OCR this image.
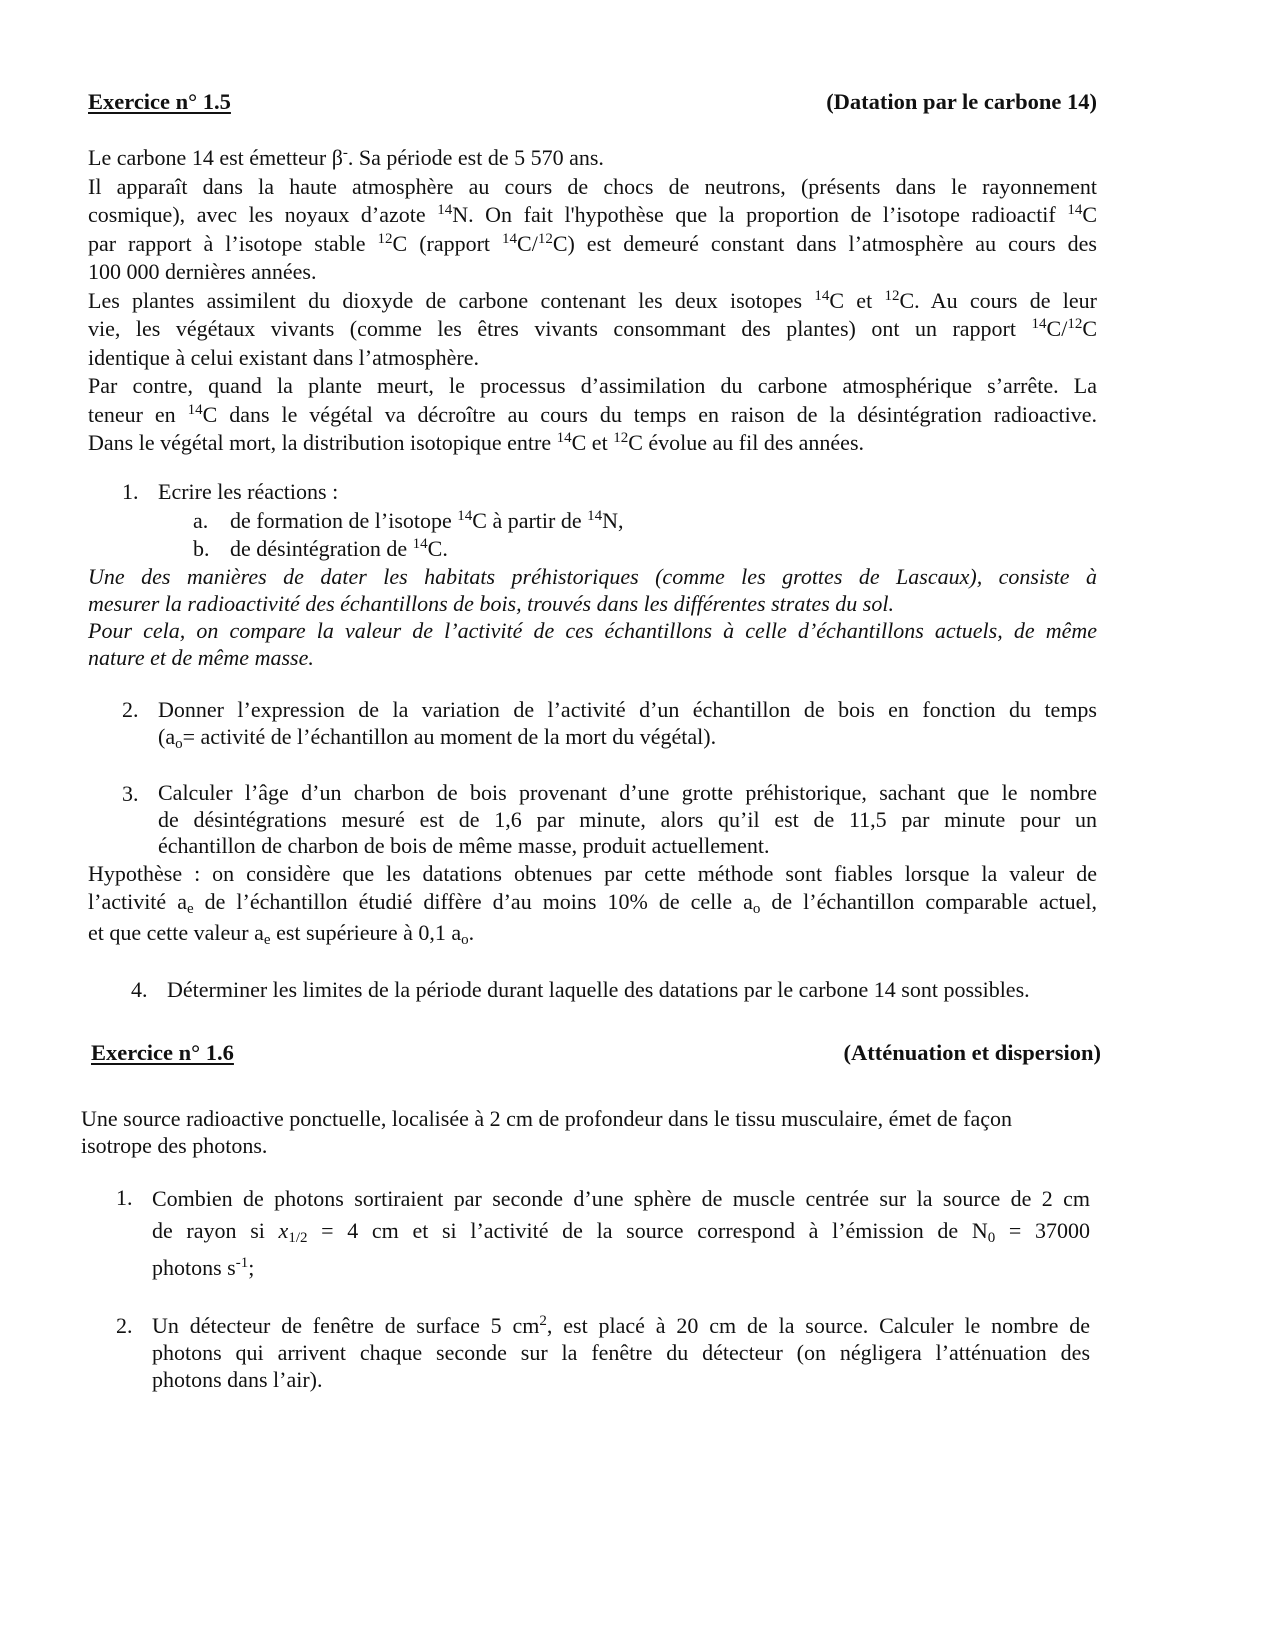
Exercice n° 1.5	(Datation par le carbone 14)
Le carbone 14 est émetteur β-. Sa période est de 5 570 ans.
Il apparaît dans la haute atmosphère au cours de chocs de neutrons, (présents dans le rayonnement
cosmique), avec les noyaux d’azote $^{14}$N. On fait l'hypothèse que la proportion de l’isotope radioactif $^{14}$C
par rapport à l’isotope stable $^{12}$C (rapport $^{14}$C/$^{12}$C) est demeuré constant dans l’atmosphère au cours des
100 000 dernières années.
Les plantes assimilent du dioxyde de carbone contenant les deux isotopes $^{14}$C et $^{12}$C. Au cours de leur
vie, les végétaux vivants (comme les êtres vivants consommant des plantes) ont un rapport $^{14}$C/$^{12}$C
identique à celui existant dans l’atmosphère.
Par contre, quand la plante meurt, le processus d’assimilation du carbone atmosphérique s’arrête. La
teneur en $^{14}$C dans le végétal va décroître au cours du temps en raison de la désintégration radioactive.
Dans le végétal mort, la distribution isotopique entre $^{14}$C et $^{12}$C évolue au fil des années.
1. Ecrire les réactions :
a. de formation de l’isotope $^{14}$C à partir de $^{14}$N,
b. de désintégration de $^{14}$C.
Une des manières de dater les habitats préhistoriques (comme les grottes de Lascaux), consiste à
mesurer la radioactivité des échantillons de bois, trouvés dans les différentes strates du sol.
Pour cela, on compare la valeur de l’activité de ces échantillons à celle d’échantillons actuels, de même
nature et de même masse.
2. Donner l’expression de la variation de l’activité d’un échantillon de bois en fonction du temps
($a_o=$ activité de l’échantillon au moment de la mort du végétal).
3. Calculer l’âge d’un charbon de bois provenant d’une grotte préhistorique, sachant que le nombre
de désintégrations mesuré est de 1,6 par minute, alors qu’il est de 11,5 par minute pour un
échantillon de charbon de bois de même masse, produit actuellement.
Hypothèse : on considère que les datations obtenues par cette méthode sont fiables lorsque la valeur de
l’activité $a_e$ de l’échantillon étudié diffère d’au moins 10% de celle $a_o$ de l’échantillon comparable actuel,
et que cette valeur $a_e$ est supérieure à 0,1 $a_o$.
4. Déterminer les limites de la période durant laquelle des datations par le carbone 14 sont possibles.
Exercice n° 1.6	(Atténuation et dispersion)
Une source radioactive ponctuelle, localisée à 2 cm de profondeur dans le tissu musculaire, émet de façon
isotrope des photons.
1. Combien de photons sortiraient par seconde d’une sphère de muscle centrée sur la source de 2 cm
de rayon si $x_{1/2} = 4$ cm et si l’activité de la source correspond à l’émission de $N_0 = 37000$
photons $s^{-1}$;
2. Un détecteur de fenêtre de surface 5 $cm^2$, est placé à 20 cm de la source. Calculer le nombre de
photons qui arrivent chaque seconde sur la fenêtre du détecteur (on négligera l’atténuation des
photons dans l’air).
